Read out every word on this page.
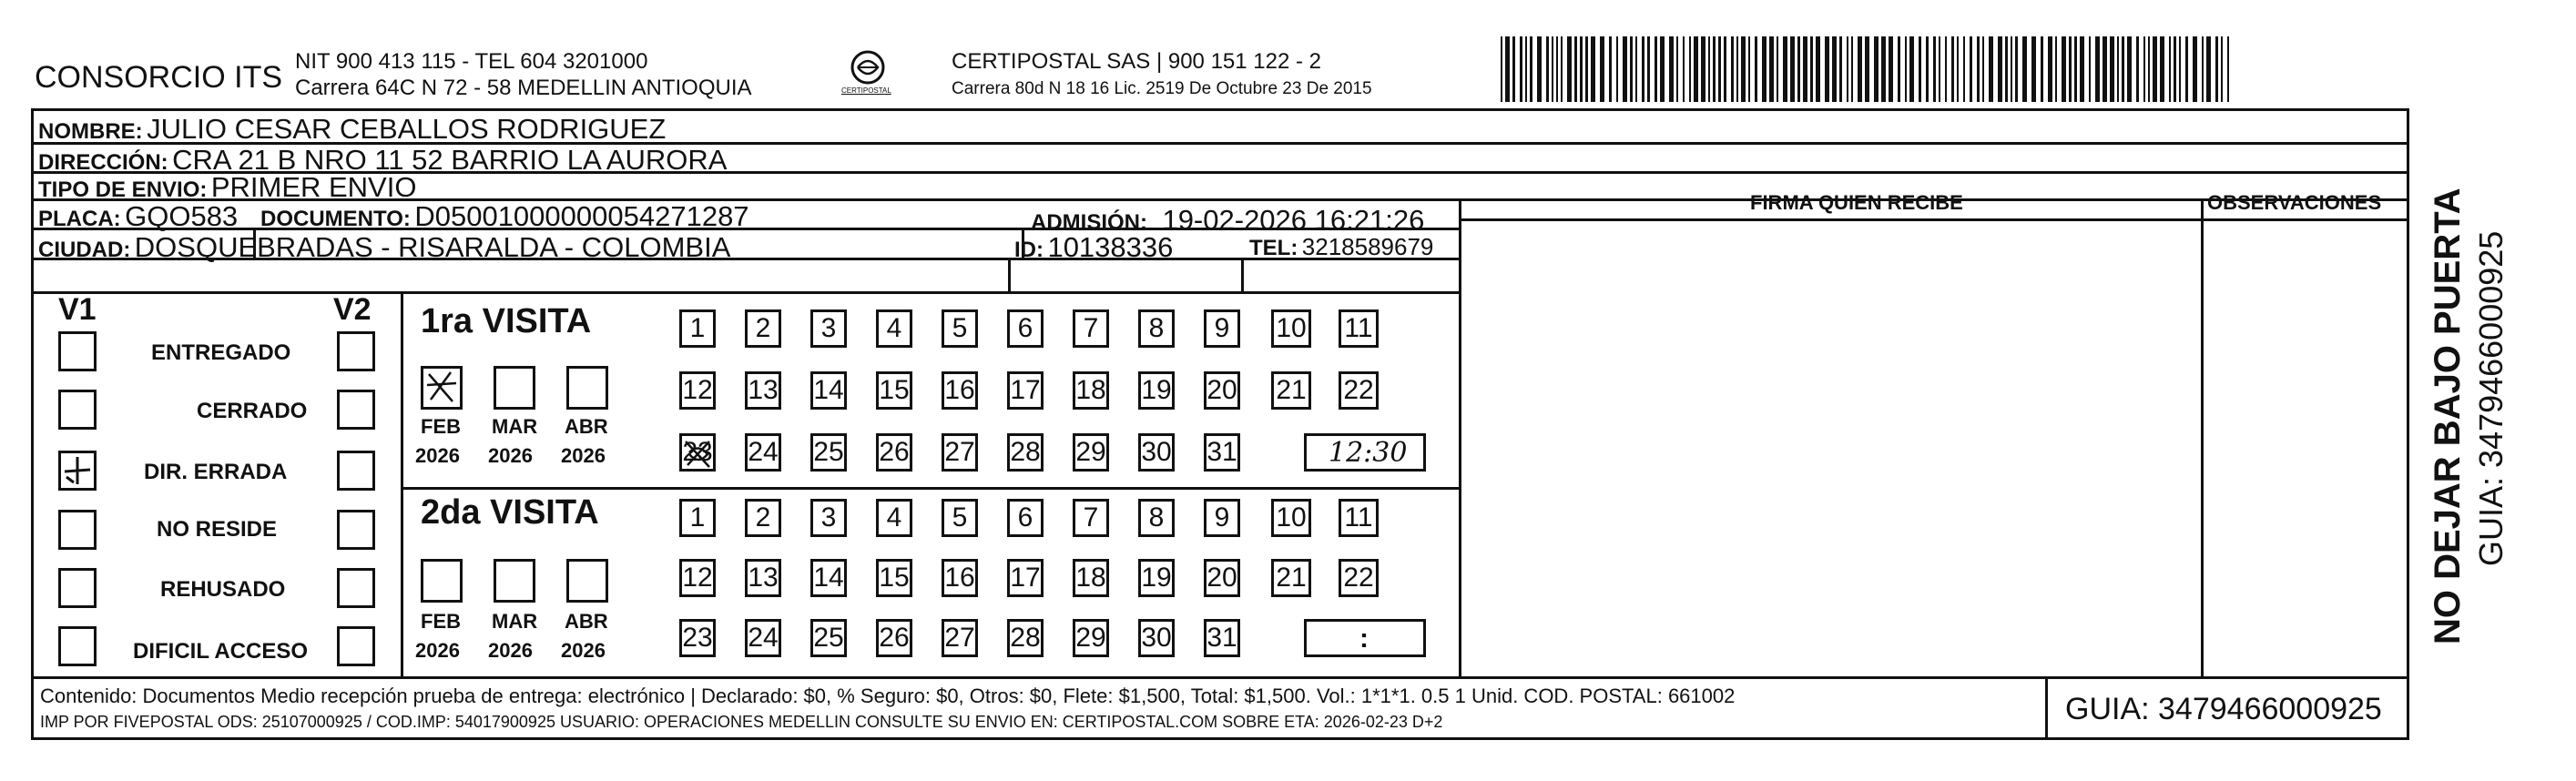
CONSORCIO ITS NIT 900 413 115 - TEL 604 3201000
Carrera 64C N 72 - 58 MEDELLIN ANTIOQUIA	CERTIPOSTAL
CERTIPOSTAL SAS | 900 151 122 - 2
Carrera 80d N 18 16 Lic. 2519 De Octubre 23 De 2015
NOMBRE: JULIO CESAR CEBALLOS RODRIGUEZ
DIRECCIÓN: CRA 21 B NRO 11 52 BARRIO LA AURORA
TIPO DE ENVIO: PRIMER ENVIO	FIRMA QUIEN RECIBE	OBSERVACIONES
PLACA: GQO583 DOCUMENTO: D05001000000054271287	ADMISIÓN: 19-02-2026 16:21:26
CIUDAD: DOSQUEBRADAS - RISARALDA - COLOMBIA	ID: 10138336	TEL: 3218589679
V1	V2
ENTREGADO
CERRADO
DIR. ERRADA
NO RESIDE
REHUSADO
DIFICIL ACCESO
1ra VISITA
FEB MAR ABR
2026 2026 2026
1 2 3 4 5 6 7 8 9 10 11
12 13 14 15 16 17 18 19 20 21 22
23 24 25 26 27 28 29 30 31	12:30
2da VISITA
FEB MAR ABR
2026 2026 2026
1 2 3 4 5 6 7 8 9 10 11
12 13 14 15 16 17 18 19 20 21 22
23 24 25 26 27 28 29 30 31	:
Contenido: Documentos Medio recepción prueba de entrega: electrónico | Declarado: $0, % Seguro: $0, Otros: $0, Flete: $1,500, Total: $1,500. Vol.: 1*1*1. 0.5 1 Unid. COD. POSTAL: 661002
IMP POR FIVEPOSTAL ODS: 25107000925 / COD.IMP: 54017900925 USUARIO: OPERACIONES MEDELLIN CONSULTE SU ENVIO EN: CERTIPOSTAL.COM SOBRE ETA: 2026-02-23 D+2	GUIA: 3479466000925
NO DEJAR BAJO PUERTA GUIA: 3479466000925
